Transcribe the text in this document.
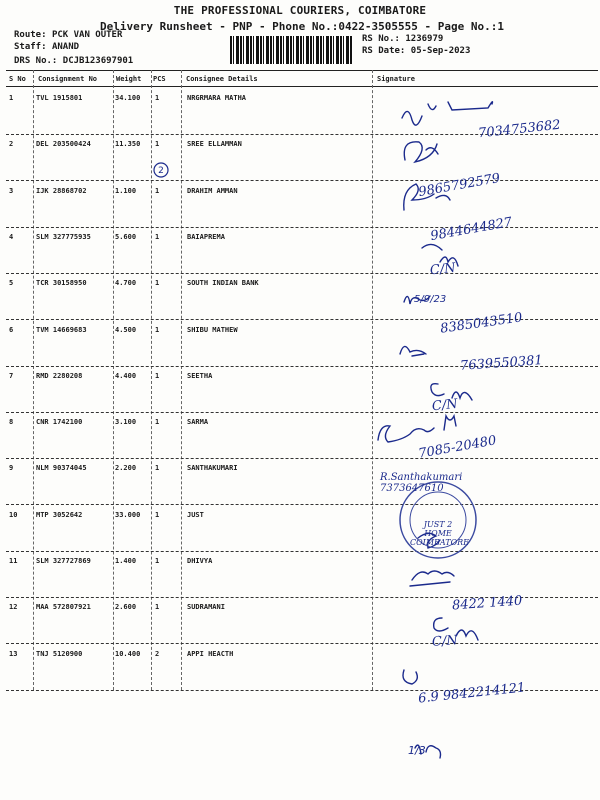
THE PROFESSIONAL COURIERS, COIMBATORE
Delivery Runsheet - PNP - Phone No.:0422-3505555 - Page No.:1
Route: PCK VAN OUTER
Staff: ANAND
DRS No.: DCJB123697901
RS No.: 1236979
RS Date: 05-Sep-2023
S No Consignment No	Weight PCS	Consignee Details	Signature
1	TVL 1915801	34.100 1	NRGRMARA MATHA
2	DEL 203500424	11.350 1	SREE ELLAMMAN
3	IJK 28868702	1.100	1	DRAHIM AMMAN
4	SLM 327775935	5.600	1	BAIAPREMA
5	TCR 30158950	4.700	1	SOUTH INDIAN BANK
6	TVM 14669683	4.500	1	SHIBU MATHEW
7	RMD 2280208	4.400	1	SEETHA
8	CNR 1742100	3.100	1	SARMA
9	NLM 90374045	2.200	1	SANTHAKUMARI
10	MTP 3052642	33.000 1	JUST
11	SLM 327727869	1.400	1	DHIVYA
12	MAA 572807921	2.600	1	SUDRAMANI
13	TNJ 5120900	10.400 2	APPI HEACTH
2
5/9/23
1/3
7034753682
9865792579
9844644827
C/N
8385043510
7639550381
C/N
7085-20480
R.Santhakumari 7373647610
JUST 2 HOME COIMBATORE
8422 1440
C/N
6.9 9842214121
